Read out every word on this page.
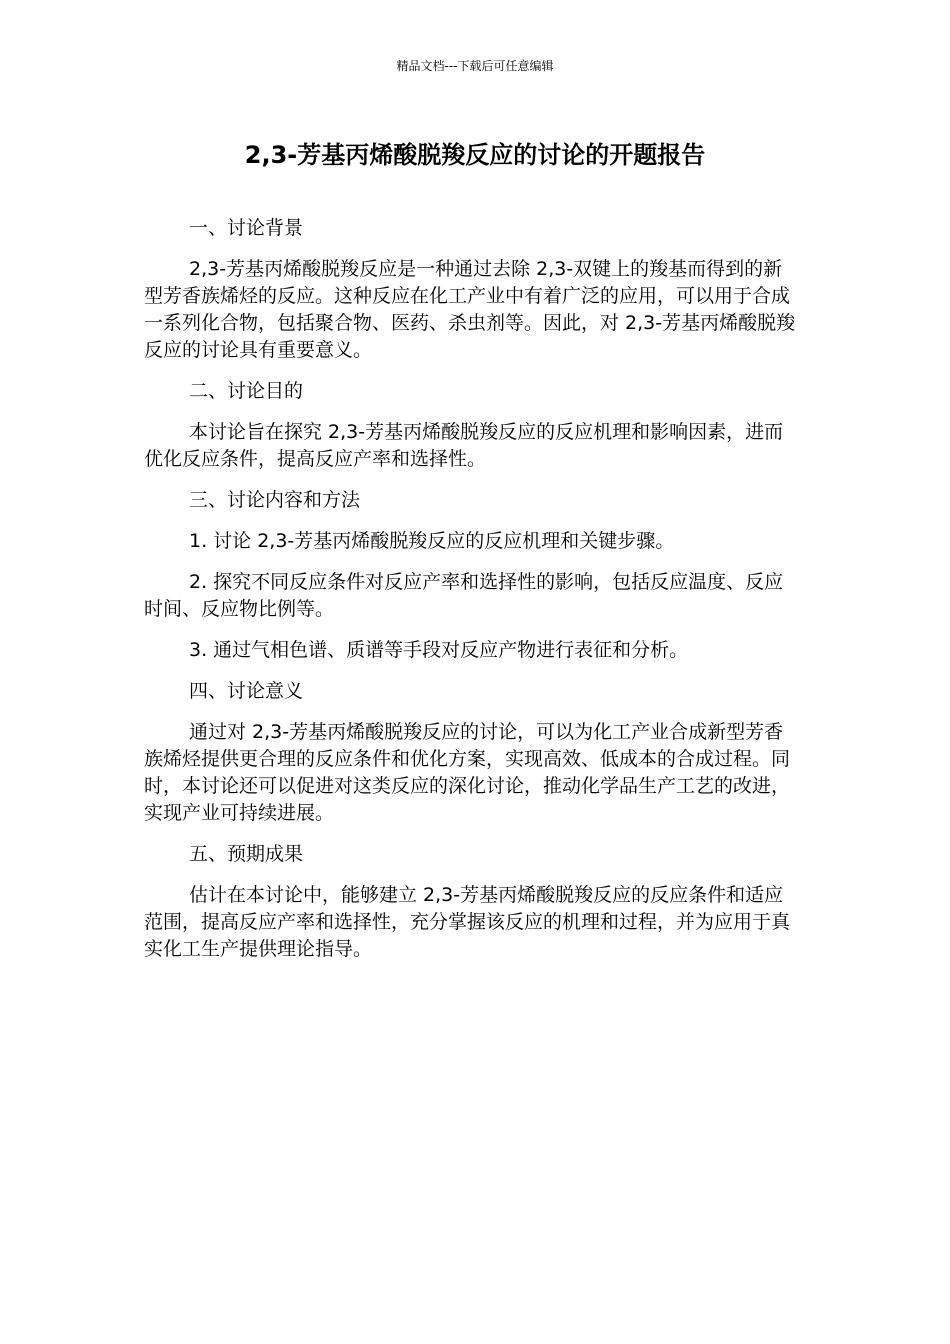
精品文档---下载后可任意编辑
2,3-芳基丙烯酸脱羧反应的讨论的开题报告
一、讨论背景

2,3-芳基丙烯酸脱羧反应是一种通过去除 2,3-双键上的羧基而得到的新型芳香族烯烃的反应。这种反应在化工产业中有着广泛的应用，可以用于合成一系列化合物，包括聚合物、医药、杀虫剂等。因此，对 2,3-芳基丙烯酸脱羧反应的讨论具有重要意义。

二、讨论目的

本讨论旨在探究 2,3-芳基丙烯酸脱羧反应的反应机理和影响因素，进而优化反应条件，提高反应产率和选择性。

三、讨论内容和方法

1. 讨论 2,3-芳基丙烯酸脱羧反应的反应机理和关键步骤。

2. 探究不同反应条件对反应产率和选择性的影响，包括反应温度、反应时间、反应物比例等。

3. 通过气相色谱、质谱等手段对反应产物进行表征和分析。

四、讨论意义

通过对 2,3-芳基丙烯酸脱羧反应的讨论，可以为化工产业合成新型芳香族烯烃提供更合理的反应条件和优化方案，实现高效、低成本的合成过程。同时，本讨论还可以促进对这类反应的深化讨论，推动化学品生产工艺的改进，实现产业可持续进展。

五、预期成果

估计在本讨论中，能够建立 2,3-芳基丙烯酸脱羧反应的反应条件和适应范围，提高反应产率和选择性，充分掌握该反应的机理和过程，并为应用于真实化工生产提供理论指导。
